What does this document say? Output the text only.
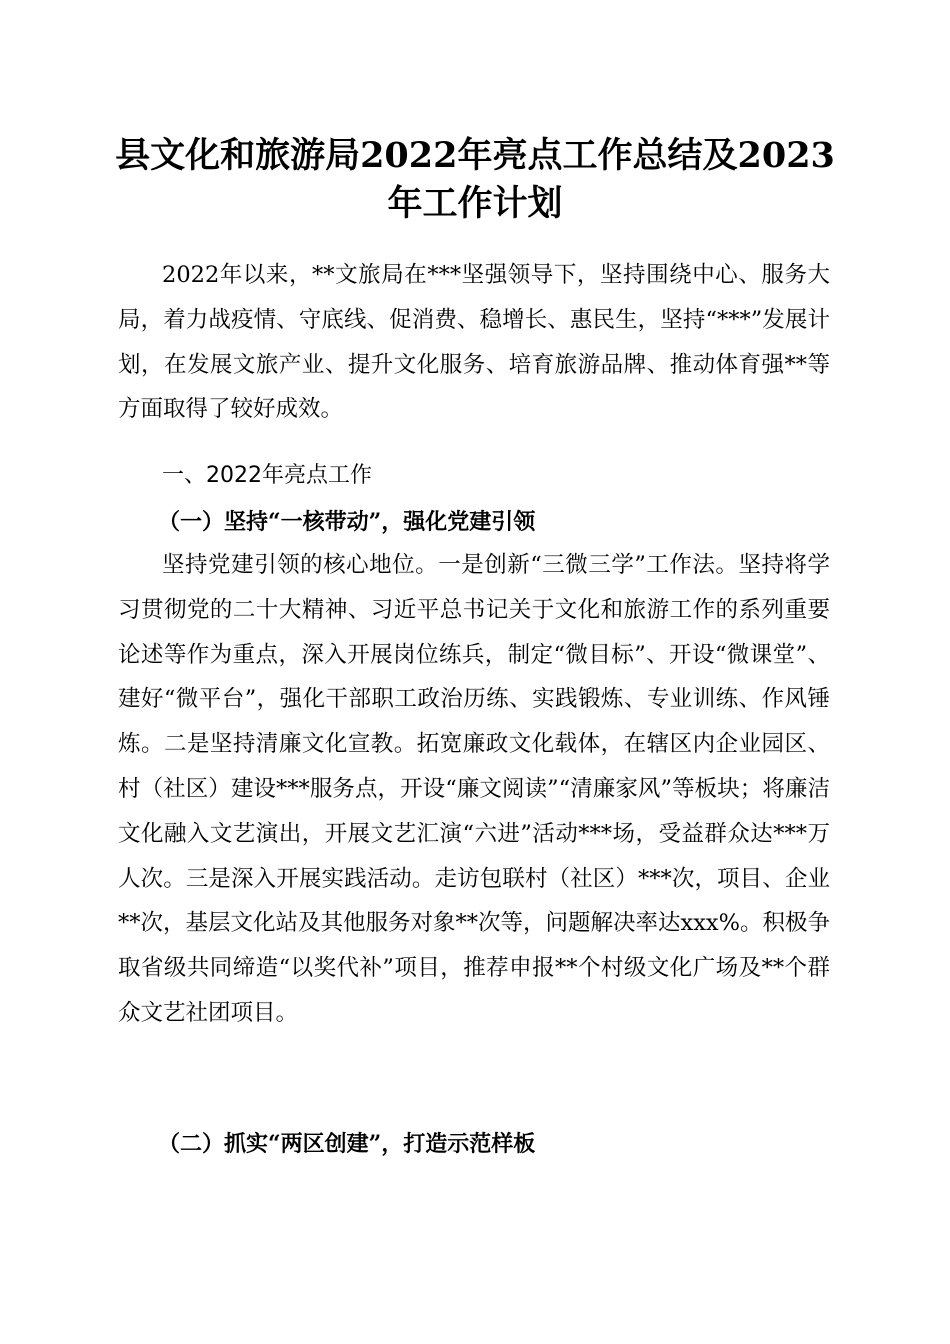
县文化和旅游局2022年亮点工作总结及2023年工作计划

2022年以来，**文旅局在***坚强领导下，坚持围绕中心、服务大局，着力战疫情、守底线、促消费、稳增长、惠民生，坚持“***”发展计划，在发展文旅产业、提升文化服务、培育旅游品牌、推动体育强**等方面取得了较好成效。

一、2022年亮点工作
（一）坚持“一核带动”，强化党建引领

坚持党建引领的核心地位。一是创新“三微三学”工作法。坚持将学习贯彻党的二十大精神、习近平总书记关于文化和旅游工作的系列重要论述等作为重点，深入开展岗位练兵，制定“微目标”、开设“微课堂”、建好“微平台”，强化干部职工政治历练、实践锻炼、专业训练、作风锤炼。二是坚持清廉文化宣教。拓宽廉政文化载体，在辖区内企业园区、村（社区）建设***服务点，开设“廉文阅读”“清廉家风”等板块；将廉洁文化融入文艺演出，开展文艺汇演“六进”活动***场，受益群众达***万人次。三是深入开展实践活动。走访包联村（社区）***次，项目、企业**次，基层文化站及其他服务对象**次等，问题解决率达xxx%。积极争取省级共同缔造“以奖代补”项目，推荐申报**个村级文化广场及**个群众文艺社团项目。

（二）抓实“两区创建”，打造示范样板
